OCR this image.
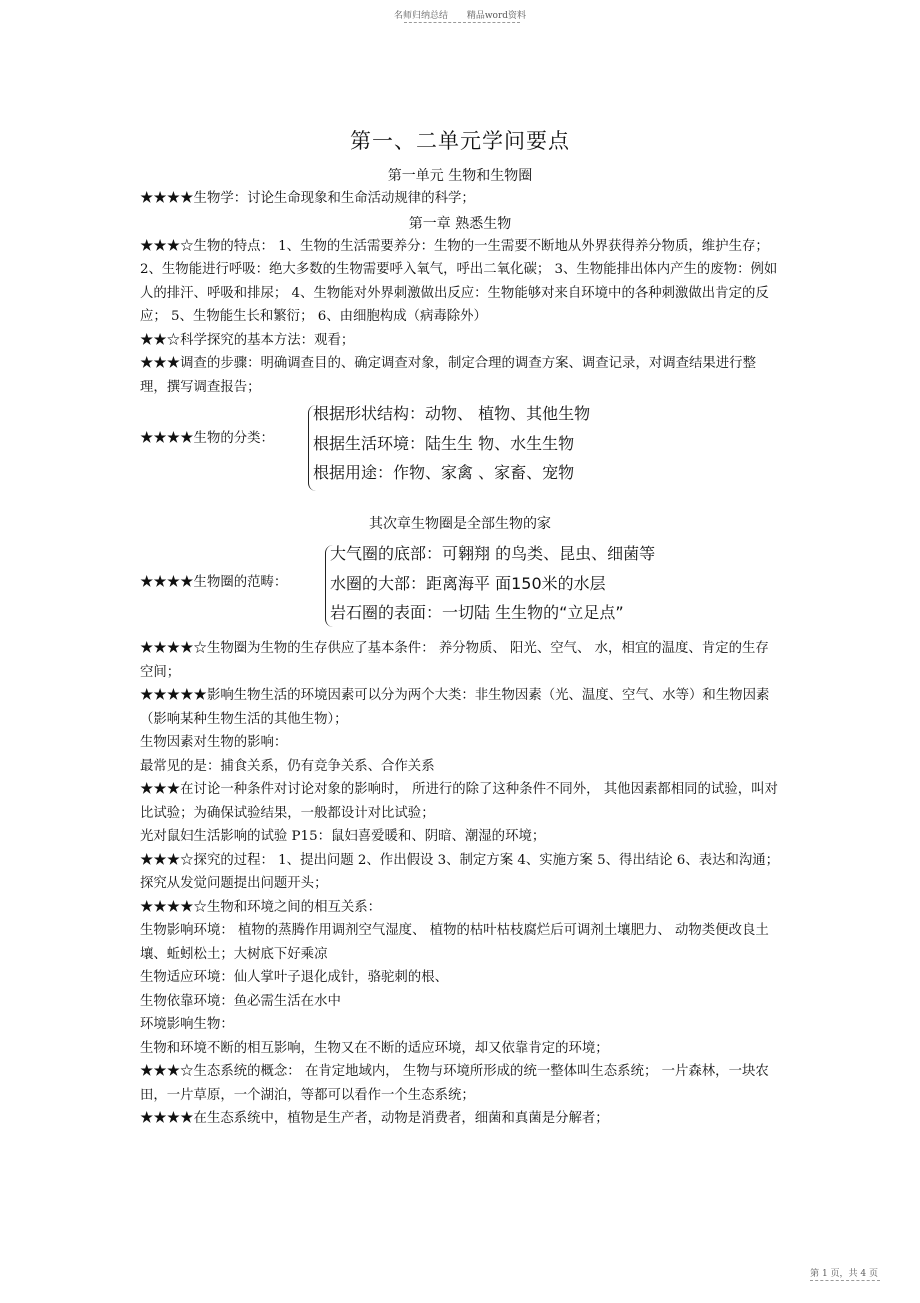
名师归纳总结 精品word资料
第一、二单元学问要点
第一单元 生物和生物圈

★★★★生物学：讨论生命现象和生命活动规律的科学；

第一章 熟悉生物

★★★☆生物的特点： 1、生物的生活需要养分：生物的一生需要不断地从外界获得养分物质，维护生存； 2、生物能进行呼吸：绝大多数的生物需要呼入氧气，呼出二氧化碳； 3、生物能排出体内产生的废物：例如人的排汗、呼吸和排尿； 4、生物能对外界刺激做出反应：生物能够对来自环境中的各种刺激做出肯定的反应； 5、生物能生长和繁衍； 6、由细胞构成（病毒除外）

★★☆科学探究的基本方法：观看；

★★★调查的步骤：明确调查目的、确定调查对象，制定合理的调查方案、调查记录，对调查结果进行整理，撰写调查报告；

★★★★生物的分类：
根据形状结构：动物、 植物、其他生物
根据生活环境：陆生生 物、水生生物
根据用途：作物、家禽 、家畜、宠物
其次章生物圈是全部生物的家
★★★★生物圈的范畴：
大气圈的底部：可翱翔 的鸟类、昆虫、细菌等
水圈的大部：距离海平 面150米的水层
岩石圈的表面：一切陆 生生物的“立足点”

★★★★☆生物圈为生物的生存供应了基本条件： 养分物质、 阳光、空气、 水，相宜的温度、肯定的生存空间；

★★★★★影响生物生活的环境因素可以分为两个大类：非生物因素（光、温度、空气、水等）和生物因素（影响某种生物生活的其他生物）；

生物因素对生物的影响：

最常见的是：捕食关系，仍有竞争关系、合作关系

★★★在讨论一种条件对讨论对象的影响时， 所进行的除了这种条件不同外， 其他因素都相同的试验，叫对比试验；为确保试验结果，一般都设计对比试验；

光对鼠妇生活影响的试验 P15：鼠妇喜爱暖和、阴暗、潮湿的环境；

★★★☆探究的过程： 1、提出问题 2、作出假设 3、制定方案 4、实施方案 5、得出结论 6、表达和沟通；探究从发觉问题提出问题开头；

★★★★☆生物和环境之间的相互关系：

生物影响环境： 植物的蒸腾作用调剂空气湿度、 植物的枯叶枯枝腐烂后可调剂土壤肥力、 动物类便改良土壤、蚯蚓松土；大树底下好乘凉

生物适应环境：仙人掌叶子退化成针，骆驼刺的根、

生物依靠环境：鱼必需生活在水中

环境影响生物：

生物和环境不断的相互影响，生物又在不断的适应环境，却又依靠肯定的环境；

★★★☆生态系统的概念： 在肯定地域内， 生物与环境所形成的统一整体叫生态系统； 一片森林，一块农田，一片草原，一个湖泊，等都可以看作一个生态系统；

★★★★在生态系统中，植物是生产者，动物是消费者，细菌和真菌是分解者；

第 1 页，共 4 页
